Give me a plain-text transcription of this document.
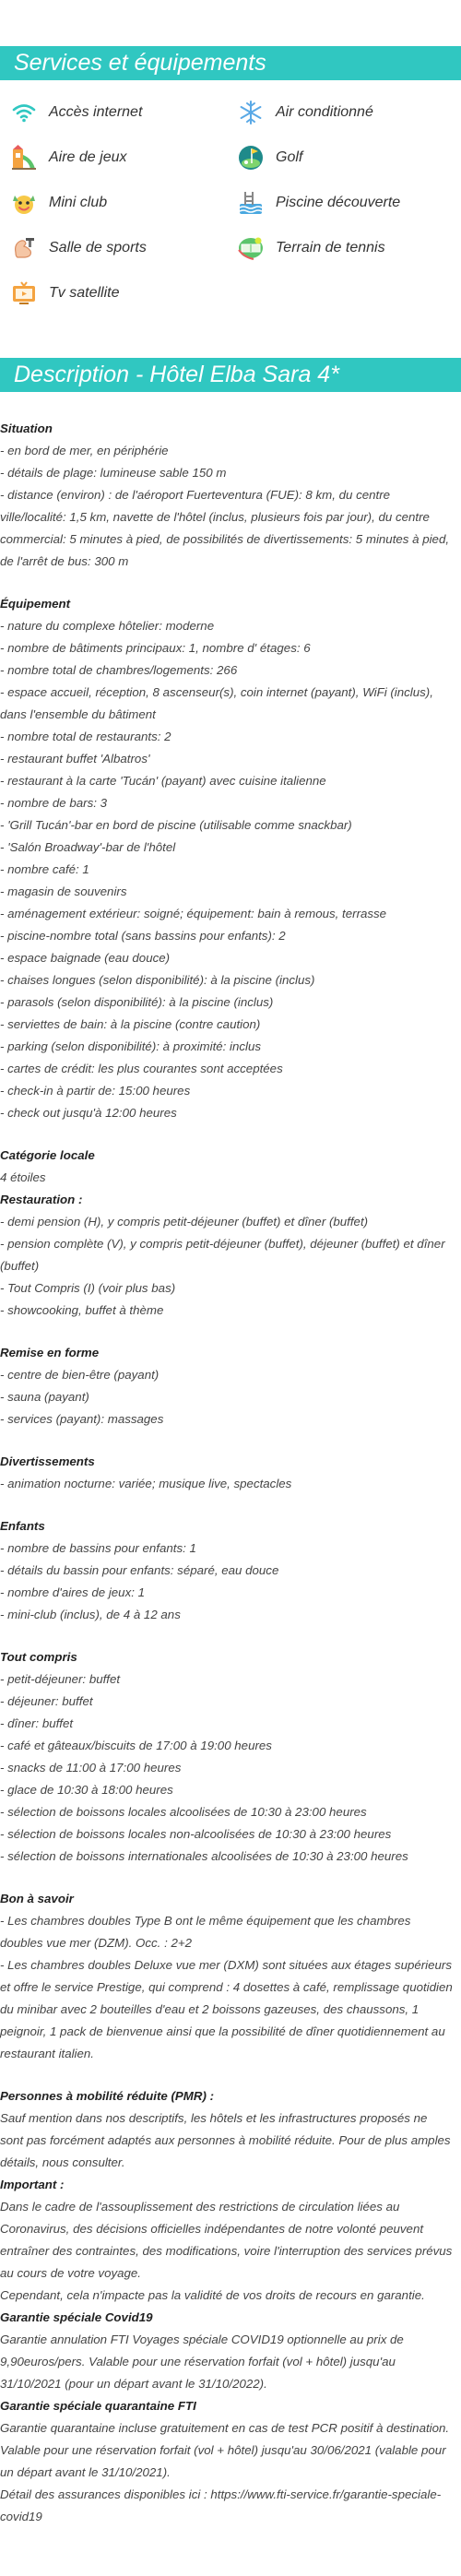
Services et équipements
Accès internet	Air conditionné
Aire de jeux	Golf
Mini club	Piscine découverte
Salle de sports	Terrain de tennis
Tv satellite
Description - Hôtel Elba Sara 4*
Situation
- en bord de mer, en périphérie
- détails de plage: lumineuse sable 150 m
- distance (environ) : de l'aéroport Fuerteventura (FUE): 8 km, du centre ville/localité: 1,5 km, navette de l'hôtel (inclus, plusieurs fois par jour), du centre commercial: 5 minutes à pied, de possibilités de divertissements: 5 minutes à pied, de l'arrêt de bus: 300 m
Équipement
- nature du complexe hôtelier: moderne
- nombre de bâtiments principaux: 1, nombre d' étages: 6
- nombre total de chambres/logements: 266
- espace accueil, réception, 8 ascenseur(s), coin internet (payant), WiFi (inclus), dans l'ensemble du bâtiment
- nombre total de restaurants: 2
- restaurant buffet 'Albatros'
- restaurant à la carte 'Tucán' (payant) avec cuisine italienne
- nombre de bars: 3
- 'Grill Tucán'-bar en bord de piscine (utilisable comme snackbar)
- 'Salón Broadway'-bar de l'hôtel
- nombre café: 1
- magasin de souvenirs
- aménagement extérieur: soigné; équipement: bain à remous, terrasse
- piscine-nombre total (sans bassins pour enfants): 2
- espace baignade (eau douce)
- chaises longues (selon disponibilité): à la piscine (inclus)
- parasols (selon disponibilité): à la piscine (inclus)
- serviettes de bain: à la piscine (contre caution)
- parking (selon disponibilité): à proximité: inclus
- cartes de crédit: les plus courantes sont acceptées
- check-in à partir de: 15:00 heures
- check out jusqu'à 12:00 heures
Catégorie locale
4 étoiles
Restauration :
- demi pension (H), y compris petit-déjeuner (buffet) et dîner (buffet)
- pension complète (V), y compris petit-déjeuner (buffet), déjeuner (buffet) et dîner (buffet)
- Tout Compris (I) (voir plus bas)
- showcooking, buffet à thème
Remise en forme
- centre de bien-être (payant)
- sauna (payant)
- services (payant): massages
Divertissements
- animation nocturne: variée; musique live, spectacles
Enfants
- nombre de bassins pour enfants: 1
- détails du bassin pour enfants: séparé, eau douce
- nombre d'aires de jeux: 1
- mini-club (inclus), de 4 à 12 ans
Tout compris
- petit-déjeuner: buffet
- déjeuner: buffet
- dîner: buffet
- café et gâteaux/biscuits de 17:00 à 19:00 heures
- snacks de 11:00 à 17:00 heures
- glace de 10:30 à 18:00 heures
- sélection de boissons locales alcoolisées de 10:30 à 23:00 heures
- sélection de boissons locales non-alcoolisées de 10:30 à 23:00 heures
- sélection de boissons internationales alcoolisées de 10:30 à 23:00 heures
Bon à savoir
- Les chambres doubles Type B ont le même équipement que les chambres doubles vue mer (DZM). Occ. : 2+2
- Les chambres doubles Deluxe vue mer (DXM) sont situées aux étages supérieurs et offre le service Prestige, qui comprend : 4 dosettes à café, remplissage quotidien du minibar avec 2 bouteilles d'eau et 2 boissons gazeuses, des chaussons, 1 peignoir, 1 pack de bienvenue ainsi que la possibilité de dîner quotidiennement au restaurant italien.
Personnes à mobilité réduite (PMR) :
Sauf mention dans nos descriptifs, les hôtels et les infrastructures proposés ne sont pas forcément adaptés aux personnes à mobilité réduite. Pour de plus amples détails, nous consulter.
Important :
Dans le cadre de l'assouplissement des restrictions de circulation liées au Coronavirus, des décisions officielles indépendantes de notre volonté peuvent entraîner des contraintes, des modifications, voire l'interruption des services prévus au cours de votre voyage.
Cependant, cela n'impacte pas la validité de vos droits de recours en garantie.
Garantie spéciale Covid19
Garantie annulation FTI Voyages spéciale COVID19 optionnelle au prix de 9,90euros/pers. Valable pour une réservation forfait (vol + hôtel) jusqu'au 31/10/2021 (pour un départ avant le 31/10/2022).
Garantie spéciale quarantaine FTI
Garantie quarantaine incluse gratuitement en cas de test PCR positif à destination. Valable pour une réservation forfait (vol + hôtel) jusqu'au 30/06/2021 (valable pour un départ avant le 31/10/2021).
Détail des assurances disponibles ici : https://www.fti-service.fr/garantie-speciale-covid19
